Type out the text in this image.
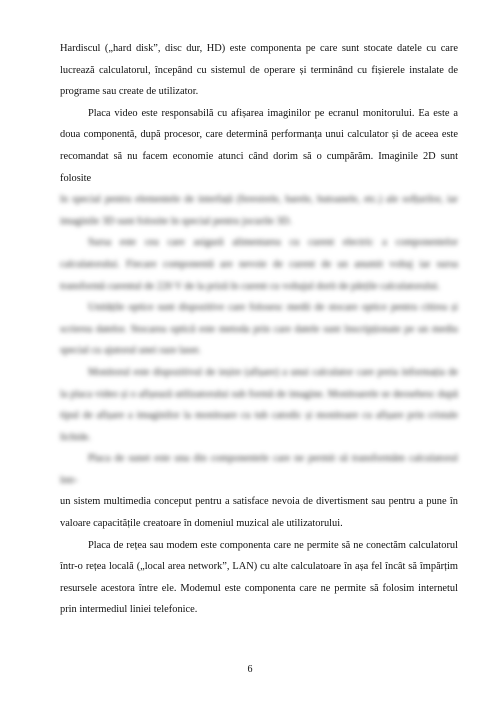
Hardiscul („hard disk”, disc dur, HD) este componenta pe care sunt stocate datele cu care lucrează calculatorul, începând cu sistemul de operare și terminând cu fișierele instalate de programe sau create de utilizator.

Placa video este responsabilă cu afișarea imaginilor pe ecranul monitorului. Ea este a doua componentă, după procesor, care determină performanța unui calculator și de aceea este recomandat să nu facem economie atunci când dorim să o cumpărăm. Imaginile 2D sunt folosite

în special pentru elementele de interfață (ferestrele, barele, butoanele, etc.) ale sofțurilor, iar imaginile 3D sunt folosite în special pentru jocurile 3D.

Sursa este cea care asigură alimentarea cu curent electric a componentelor calculatorului. Fiecare componentă are nevoie de curent de un anumit voltaj iar sursa transformă curentul de 220 V de la priză în curent cu voltajul dorit de părțile calculatorului.

Unitățile optice sunt dispozitive care folosesc medii de stocare optice pentru citirea și scrierea datelor. Stocarea optică este metoda prin care datele sunt înscripționate pe un mediu special cu ajutorul unei raze laser.

Monitorul este dispozitivul de ieșire (afișare) a unui calculator care preia informația de la placa video și o afișează utilizatorului sub formă de imagine. Monitoarele se deosebesc după tipul de afișare a imaginilor la monitoare cu tub catodic și monitoare cu afișare prin cristale lichide.

Placa de sunet este una din componentele care ne permit să transformăm calculatorul într-

un sistem multimedia conceput pentru a satisface nevoia de divertisment sau pentru a pune în valoare capacitățile creatoare în domeniul muzical ale utilizatorului.

Placa de rețea sau modem este componenta care ne permite să ne conectăm calculatorul într-o rețea locală („local area network”, LAN) cu alte calculatoare în așa fel încât să împărțim resursele acestora între ele. Modemul este componenta care ne permite să folosim internetul prin intermediul liniei telefonice.

6
